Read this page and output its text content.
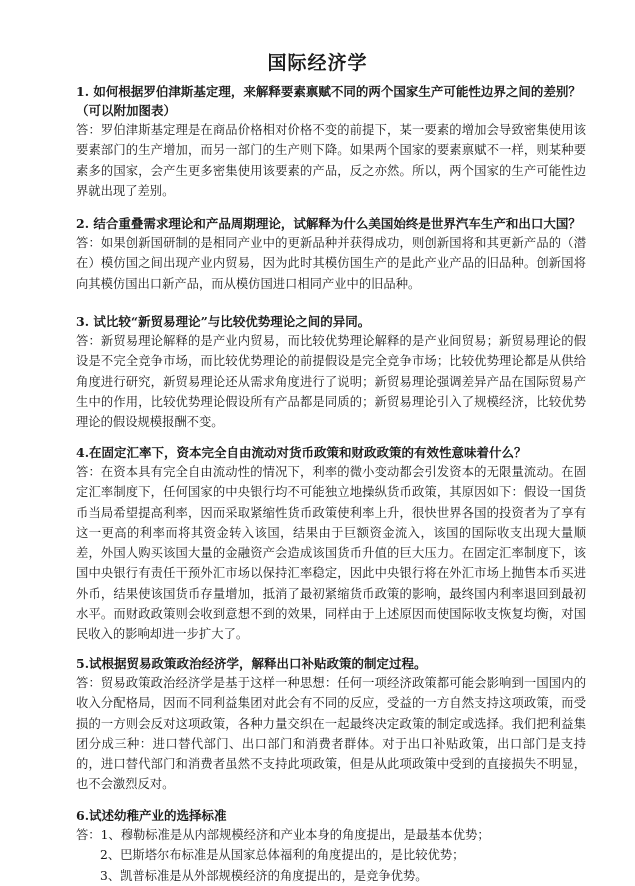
国际经济学

1. 如何根据罗伯津斯基定理，来解释要素禀赋不同的两个国家生产可能性边界之间的差别？（可以附加图表）

答：罗伯津斯基定理是在商品价格相对价格不变的前提下，某一要素的增加会导致密集使用该要素部门的生产增加，而另一部门的生产则下降。如果两个国家的要素禀赋不一样，则某种要素多的国家，会产生更多密集使用该要素的产品，反之亦然。所以，两个国家的生产可能性边界就出现了差别。

2. 结合重叠需求理论和产品周期理论，试解释为什么美国始终是世界汽车生产和出口大国？

答：如果创新国研制的是相同产业中的更新品种并获得成功，则创新国将和其更新产品的（潜在）模仿国之间出现产业内贸易，因为此时其模仿国生产的是此产业产品的旧品种。创新国将向其模仿国出口新产品，而从模仿国进口相同产业中的旧品种。

3. 试比较“新贸易理论”与比较优势理论之间的异同。

答：新贸易理论解释的是产业内贸易，而比较优势理论解释的是产业间贸易；新贸易理论的假设是不完全竞争市场，而比较优势理论的前提假设是完全竞争市场；比较优势理论都是从供给角度进行研究，新贸易理论还从需求角度进行了说明；新贸易理论强调差异产品在国际贸易产生中的作用，比较优势理论假设所有产品都是同质的；新贸易理论引入了规模经济，比较优势理论的假设规模报酬不变。

4.在固定汇率下，资本完全自由流动对货币政策和财政政策的有效性意味着什么？

答：在资本具有完全自由流动性的情况下，利率的微小变动都会引发资本的无限量流动。在固定汇率制度下，任何国家的中央银行均不可能独立地操纵货币政策，其原因如下：假设一国货币当局希望提高利率，因而采取紧缩性货币政策使利率上升，很快世界各国的投资者为了享有这一更高的利率而将其资金转入该国，结果由于巨额资金流入，该国的国际收支出现大量顺差，外国人购买该国大量的金融资产会造成该国货币升值的巨大压力。在固定汇率制度下，该国中央银行有责任干预外汇市场以保持汇率稳定，因此中央银行将在外汇市场上抛售本币买进外币，结果使该国货币存量增加，抵消了最初紧缩货币政策的影响，最终国内利率退回到最初水平。而财政政策则会收到意想不到的效果，同样由于上述原因而使国际收支恢复均衡，对国民收入的影响却进一步扩大了。

5.试根据贸易政策政治经济学，解释出口补贴政策的制定过程。

答：贸易政策政治经济学是基于这样一种思想：任何一项经济政策都可能会影响到一国国内的收入分配格局，因而不同利益集团对此会有不同的反应，受益的一方自然支持这项政策，而受损的一方则会反对这项政策，各种力量交织在一起最终决定政策的制定或选择。我们把利益集团分成三种：进口替代部门、出口部门和消费者群体。对于出口补贴政策，出口部门是支持的，进口替代部门和消费者虽然不支持此项政策，但是从此项政策中受到的直接损失不明显，也不会激烈反对。

6.试述幼稚产业的选择标准

答：1、穆勒标准是从内部规模经济和产业本身的角度提出，是最基本优势；

2、巴斯塔尔布标准是从国家总体福利的角度提出的，是比较优势；

3、凯普标准是从外部规模经济的角度提出的，是竞争优势。
